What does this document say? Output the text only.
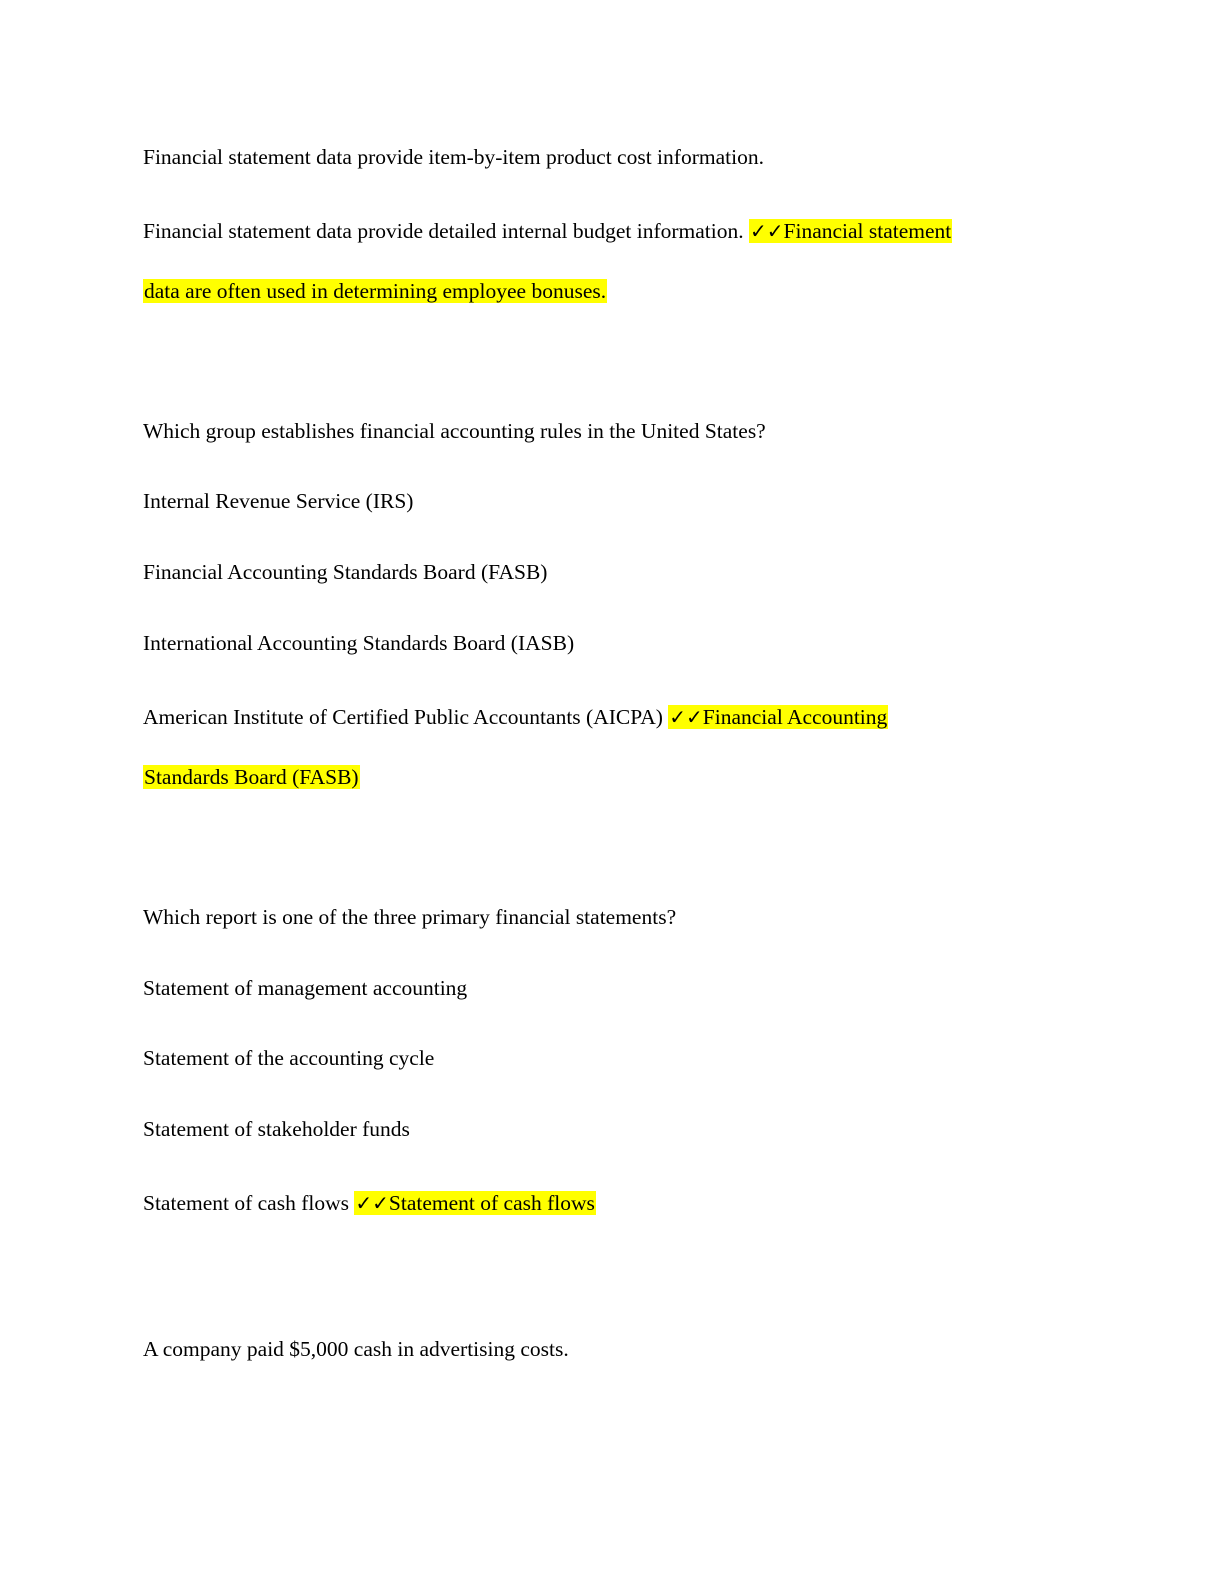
Financial statement data provide item-by-item product cost information.
Financial statement data provide detailed internal budget information. ✓✓Financial statement
data are often used in determining employee bonuses.
Which group establishes financial accounting rules in the United States?
Internal Revenue Service (IRS)
Financial Accounting Standards Board (FASB)
International Accounting Standards Board (IASB)
American Institute of Certified Public Accountants (AICPA) ✓✓Financial Accounting
Standards Board (FASB)
Which report is one of the three primary financial statements?
Statement of management accounting
Statement of the accounting cycle
Statement of stakeholder funds
Statement of cash flows ✓✓Statement of cash flows
A company paid $5,000 cash in advertising costs.
